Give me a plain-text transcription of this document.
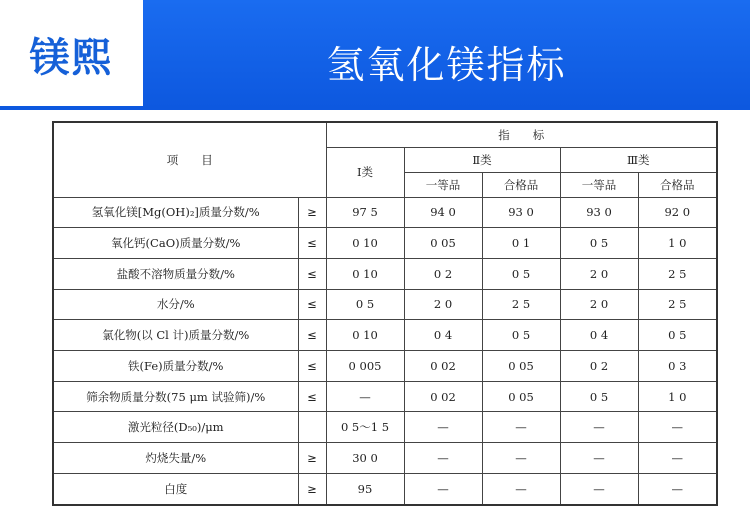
镁熙	氢氧化镁指标
项　　目		指　　标				
		Ⅰ类	Ⅱ类		Ⅲ类	
			一等品	合格品	一等品	合格品
氢氧化镁[Mg(OH)₂]质量分数/%	≥	97 5	94 0	93 0	93 0	92 0
氧化钙(CaO)质量分数/%	≤	0 10	0 05	0 1	0 5	1 0
盐酸不溶物质量分数/%	≤	0 10	0 2	0 5	2 0	2 5
水分/%	≤	0 5	2 0	2 5	2 0	2 5
氯化物(以 Cl 计)质量分数/%	≤	0 10	0 4	0 5	0 4	0 5
铁(Fe)质量分数/%	≤	0 005	0 02	0 05	0 2	0 3
筛余物质量分数(75 μm 试验筛)/%	≤	—	0 02	0 05	0 5	1 0
激光粒径(D₅₀)/μm		0 5～1 5	—	—	—	—
灼烧失量/%	≥	30 0	—	—	—	—
白度	≥	95	—	—	—	—
